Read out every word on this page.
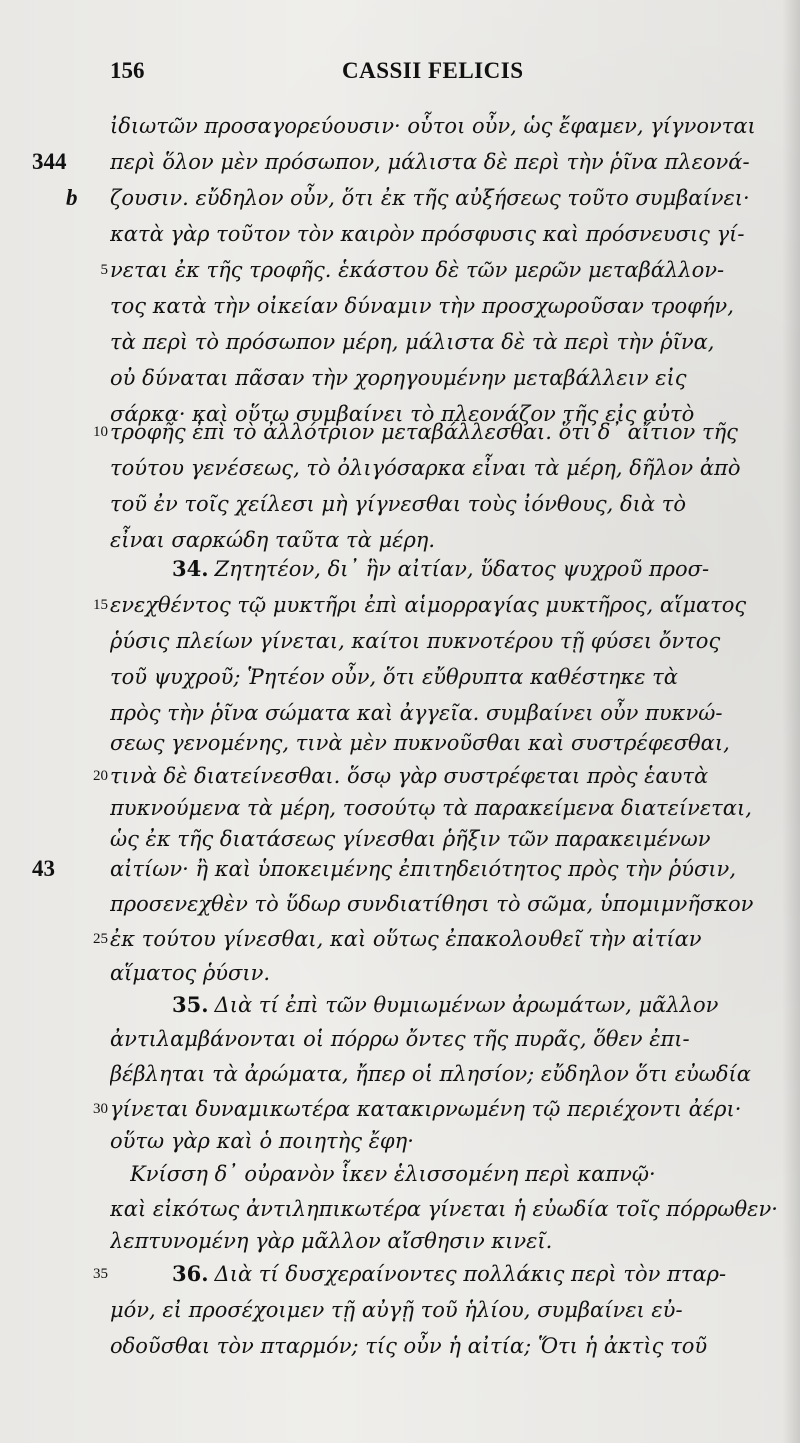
156	CASSII FELICIS
344
b
43
5
10
15
20
25
30
35
ἰδιωτῶν προσαγορεύουσιν· οὗτοι οὖν, ὡς ἔφαμεν, γίγνονται
περὶ ὅλον μὲν πρόσωπον, μάλιστα δὲ περὶ τὴν ῥῖνα πλεονά-
ζουσιν. εὔδηλον οὖν, ὅτι ἐκ τῆς αὐξήσεως τοῦτο συμβαίνει·
κατὰ γὰρ τοῦτον τὸν καιρὸν πρόσφυσις καὶ πρόσνευσις γί-
νεται ἐκ τῆς τροφῆς. ἑκάστου δὲ τῶν μερῶν μεταβάλλον-
τος κατὰ τὴν οἰκείαν δύναμιν τὴν προσχωροῦσαν τροφήν,
τὰ περὶ τὸ πρόσωπον μέρη, μάλιστα δὲ τὰ περὶ τὴν ῥῖνα,
οὐ δύναται πᾶσαν τὴν χορηγουμένην μεταβάλλειν εἰς
σάρκα· καὶ οὕτω συμβαίνει τὸ πλεονάζον τῆς εἰς αὐτὸ
τροφῆς ἐπὶ τὸ ἀλλότριον μεταβάλλεσθαι. ὅτι δ᾽ αἴτιον τῆς
τούτου γενέσεως, τὸ ὀλιγόσαρκα εἶναι τὰ μέρη, δῆλον ἀπὸ
τοῦ ἐν τοῖς χείλεσι μὴ γίγνεσθαι τοὺς ἰόνθους, διὰ τὸ
εἶναι σαρκώδη ταῦτα τὰ μέρη.
34. Ζητητέον, δι᾽ ἣν αἰτίαν, ὕδατος ψυχροῦ προσ-
ενεχθέντος τῷ μυκτῆρι ἐπὶ αἱμορραγίας μυκτῆρος, αἵματος
ῥύσις πλείων γίνεται, καίτοι πυκνοτέρου τῇ φύσει ὄντος
τοῦ ψυχροῦ; Ῥητέον οὖν, ὅτι εὔθρυπτα καθέστηκε τὰ
πρὸς τὴν ῥῖνα σώματα καὶ ἀγγεῖα. συμβαίνει οὖν πυκνώ-
σεως γενομένης, τινὰ μὲν πυκνοῦσθαι καὶ συστρέφεσθαι,
τινὰ δὲ διατείνεσθαι. ὅσῳ γὰρ συστρέφεται πρὸς ἑαυτὰ
πυκνούμενα τὰ μέρη, τοσούτῳ τὰ παρακείμενα διατείνεται,
ὡς ἐκ τῆς διατάσεως γίνεσθαι ῥῆξιν τῶν παρακειμένων
αἰτίων· ἢ καὶ ὑποκειμένης ἐπιτηδειότητος πρὸς τὴν ῥύσιν,
προσενεχθὲν τὸ ὕδωρ συνδιατίθησι τὸ σῶμα, ὑπομιμνῆσκον
ἐκ τούτου γίνεσθαι, καὶ οὕτως ἐπακολουθεῖ τὴν αἰτίαν
αἵματος ῥύσιν.
35. Διὰ τί ἐπὶ τῶν θυμιωμένων ἀρωμάτων, μᾶλλον
ἀντιλαμβάνονται οἱ πόρρω ὄντες τῆς πυρᾶς, ὅθεν ἐπι-
βέβληται τὰ ἀρώματα, ἤπερ οἱ πλησίον; εὔδηλον ὅτι εὐωδία
γίνεται δυναμικωτέρα κατακιρνωμένη τῷ περιέχοντι ἀέρι·
οὕτω γὰρ καὶ ὁ ποιητὴς ἔφη·
Κνίσση δ᾽ οὐρανὸν ἷκεν ἑλισσομένη περὶ καπνῷ·
καὶ εἰκότως ἀντιληπικωτέρα γίνεται ἡ εὐωδία τοῖς πόρρωθεν·
λεπτυνομένη γὰρ μᾶλλον αἴσθησιν κινεῖ.
36. Διὰ τί δυσχεραίνοντες πολλάκις περὶ τὸν πταρ-
μόν, εἰ προσέχοιμεν τῇ αὐγῇ τοῦ ἡλίου, συμβαίνει εὐ-
οδοῦσθαι τὸν πταρμόν; τίς οὖν ἡ αἰτία; Ὅτι ἡ ἀκτὶς τοῦ
